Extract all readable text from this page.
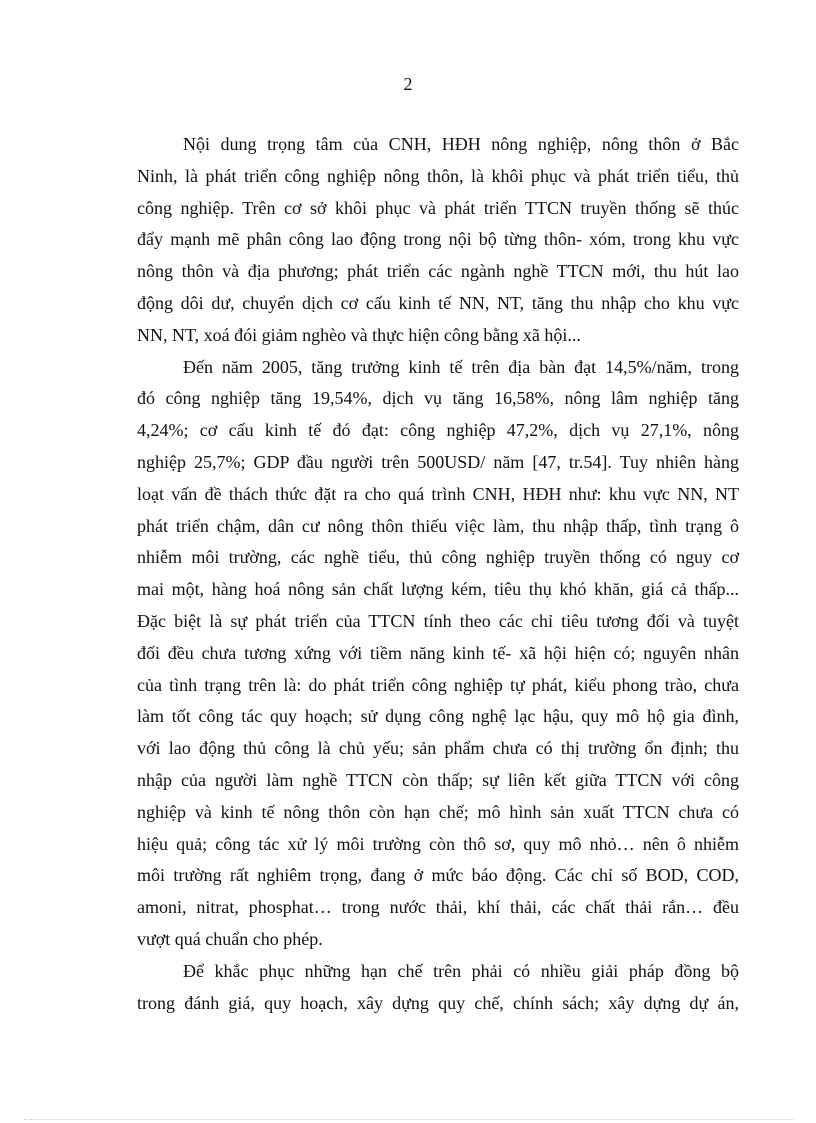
2
Nội dung trọng tâm của CNH, HĐH nông nghiệp, nông thôn ở Bắc
Ninh, là phát triển công nghiệp nông thôn, là khôi phục và phát triển tiểu, thủ
công nghiệp. Trên cơ sở khôi phục và phát triển TTCN truyền thống sẽ thúc
đẩy mạnh mẽ phân công lao động trong nội bộ từng thôn- xóm, trong khu vực
nông thôn và địa phương; phát triển các ngành nghề TTCN mới, thu hút lao
động dôi dư, chuyển dịch cơ cấu kinh tế NN, NT, tăng thu nhập cho khu vực
NN, NT, xoá đói giảm nghèo và thực hiện công bằng xã hội...
Đến năm 2005, tăng trưởng kinh tế trên địa bàn đạt 14,5%/năm, trong
đó công nghiệp tăng 19,54%, dịch vụ tăng 16,58%, nông lâm nghiệp tăng
4,24%; cơ cấu kinh tế đó đạt: công nghiệp 47,2%, dịch vụ 27,1%, nông
nghiệp 25,7%; GDP đầu người trên 500USD/ năm [47, tr.54]. Tuy nhiên hàng
loạt vấn đề thách thức đặt ra cho quá trình CNH, HĐH như: khu vực NN, NT
phát triển chậm, dân cư nông thôn thiếu việc làm, thu nhập thấp, tình trạng ô
nhiễm môi trường, các nghề tiểu, thủ công nghiệp truyền thống có nguy cơ
mai một, hàng hoá nông sản chất lượng kém, tiêu thụ khó khăn, giá cả thấp...
Đặc biệt là sự phát triển của TTCN tính theo các chỉ tiêu tương đối và tuyệt
đối đều chưa tương xứng với tiềm năng kinh tế- xã hội hiện có; nguyên nhân
của tình trạng trên là: do phát triển công nghiệp tự phát, kiểu phong trào, chưa
làm tốt công tác quy hoạch; sử dụng công nghệ lạc hậu, quy mô hộ gia đình,
với lao động thủ công là chủ yếu; sản phẩm chưa có thị trường ổn định; thu
nhập của người làm nghề TTCN còn thấp; sự liên kết giữa TTCN với công
nghiệp và kinh tế nông thôn còn hạn chế; mô hình sản xuất TTCN chưa có
hiệu quả; công tác xử lý môi trường còn thô sơ, quy mô nhỏ… nên ô nhiễm
môi trường rất nghiêm trọng, đang ở mức báo động. Các chỉ số BOD, COD,
amoni, nitrat, phosphat… trong nước thải, khí thải, các chất thải rắn… đều
vượt quá chuẩn cho phép.
Để khắc phục những hạn chế trên phải có nhiều giải pháp đồng bộ
trong đánh giá, quy hoạch, xây dựng quy chế, chính sách; xây dựng dự án,
